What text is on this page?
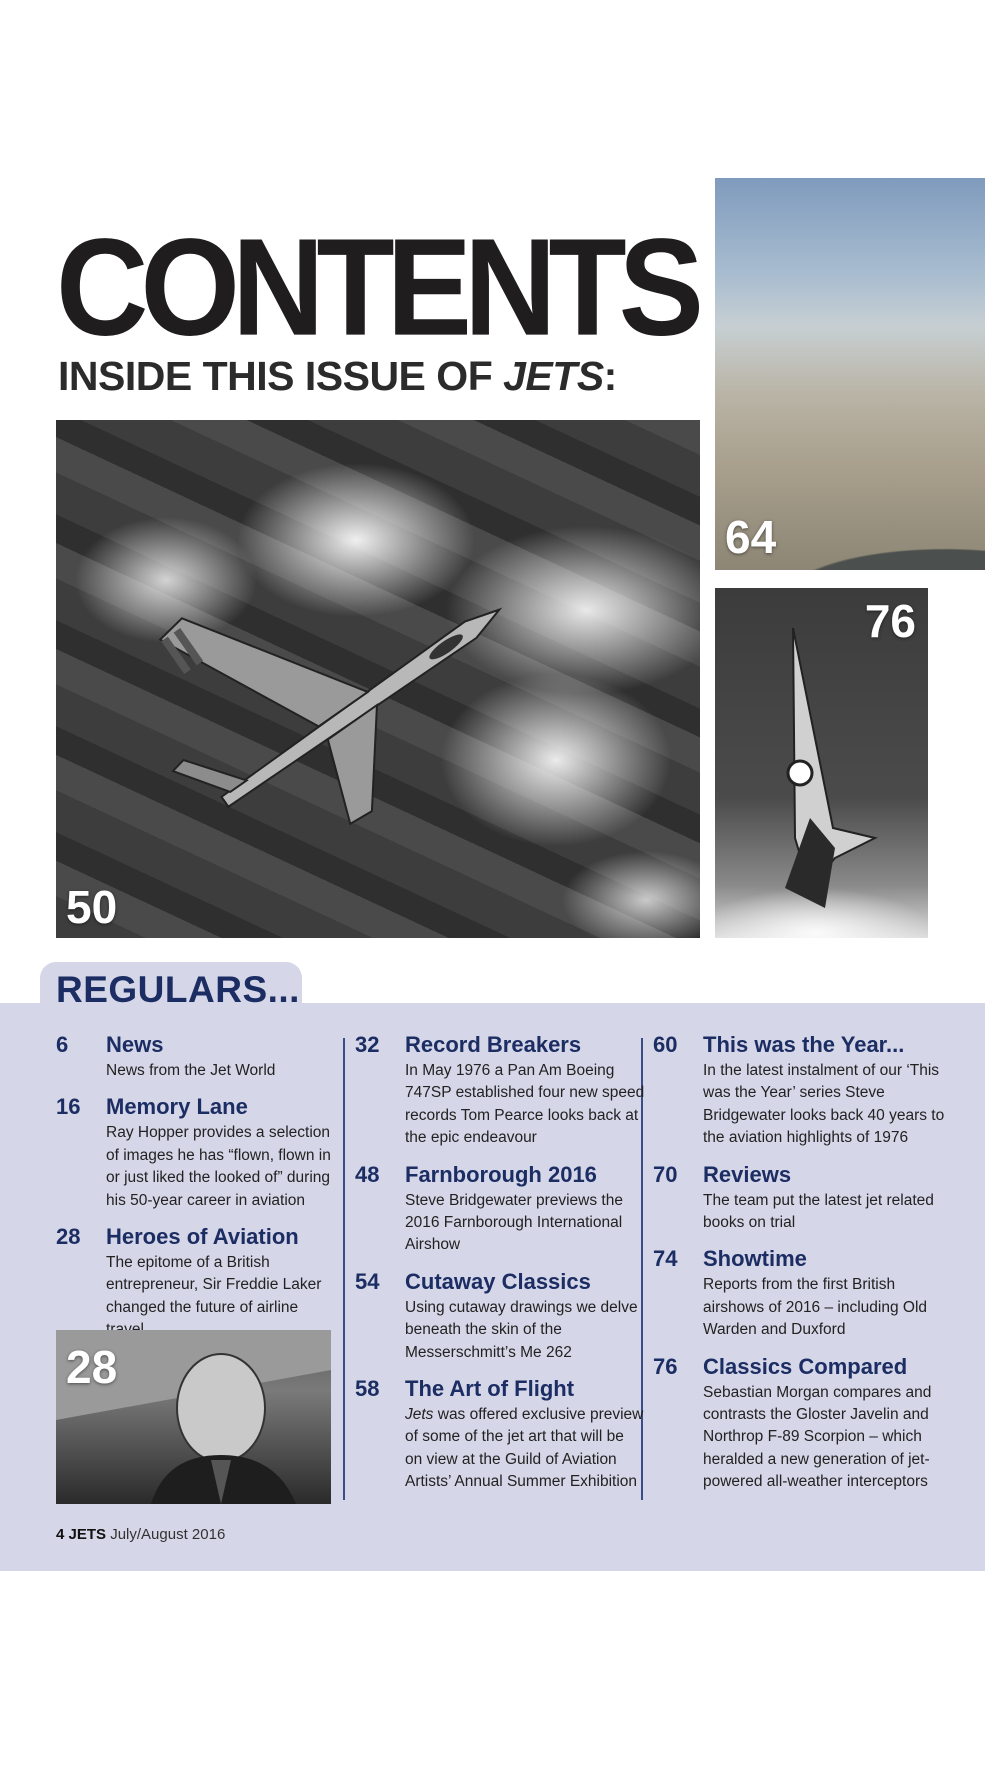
CONTENTS
INSIDE THIS ISSUE OF JETS:
50
64
76
REGULARS...
6 News
News from the Jet World
16 Memory Lane
Ray Hopper provides a selection of images he has “flown, flown in or just liked the looked of” during his 50-year career in aviation
28 Heroes of Aviation
The epitome of a British entrepreneur, Sir Freddie Laker changed the future of airline
28
32 Record Breakers
In May 1976 a Pan Am Boeing 747SP established four new speed records Tom Pearce looks back at the epic endeavour
48 Farnborough 2016
Steve Bridgewater previews the 2016 Farnborough International Airshow
54 Cutaway Classics
Using cutaway drawings we delve beneath the skin of the Messerschmitt’s Me 262
58 The Art of Flight
Jets was offered exclusive preview of some of the jet art that will be on view at the Guild of Aviation Artists’ Annual Summer Exhibition
60 This was the Year...
In the latest instalment of our ‘This was the Year’ series Steve Bridgewater looks back 40 years to the aviation highlights of 1976
70 Reviews
The team put the latest jet related books on trial
74 Showtime
Reports from the first British airshows of 2016 – including Old Warden and Duxford
76 Classics Compared
Sebastian Morgan compares and contrasts the Gloster Javelin and Northrop F-89 Scorpion – which heralded a new generation of jet-powered all-weather interceptors
4 JETS July/August 2016
